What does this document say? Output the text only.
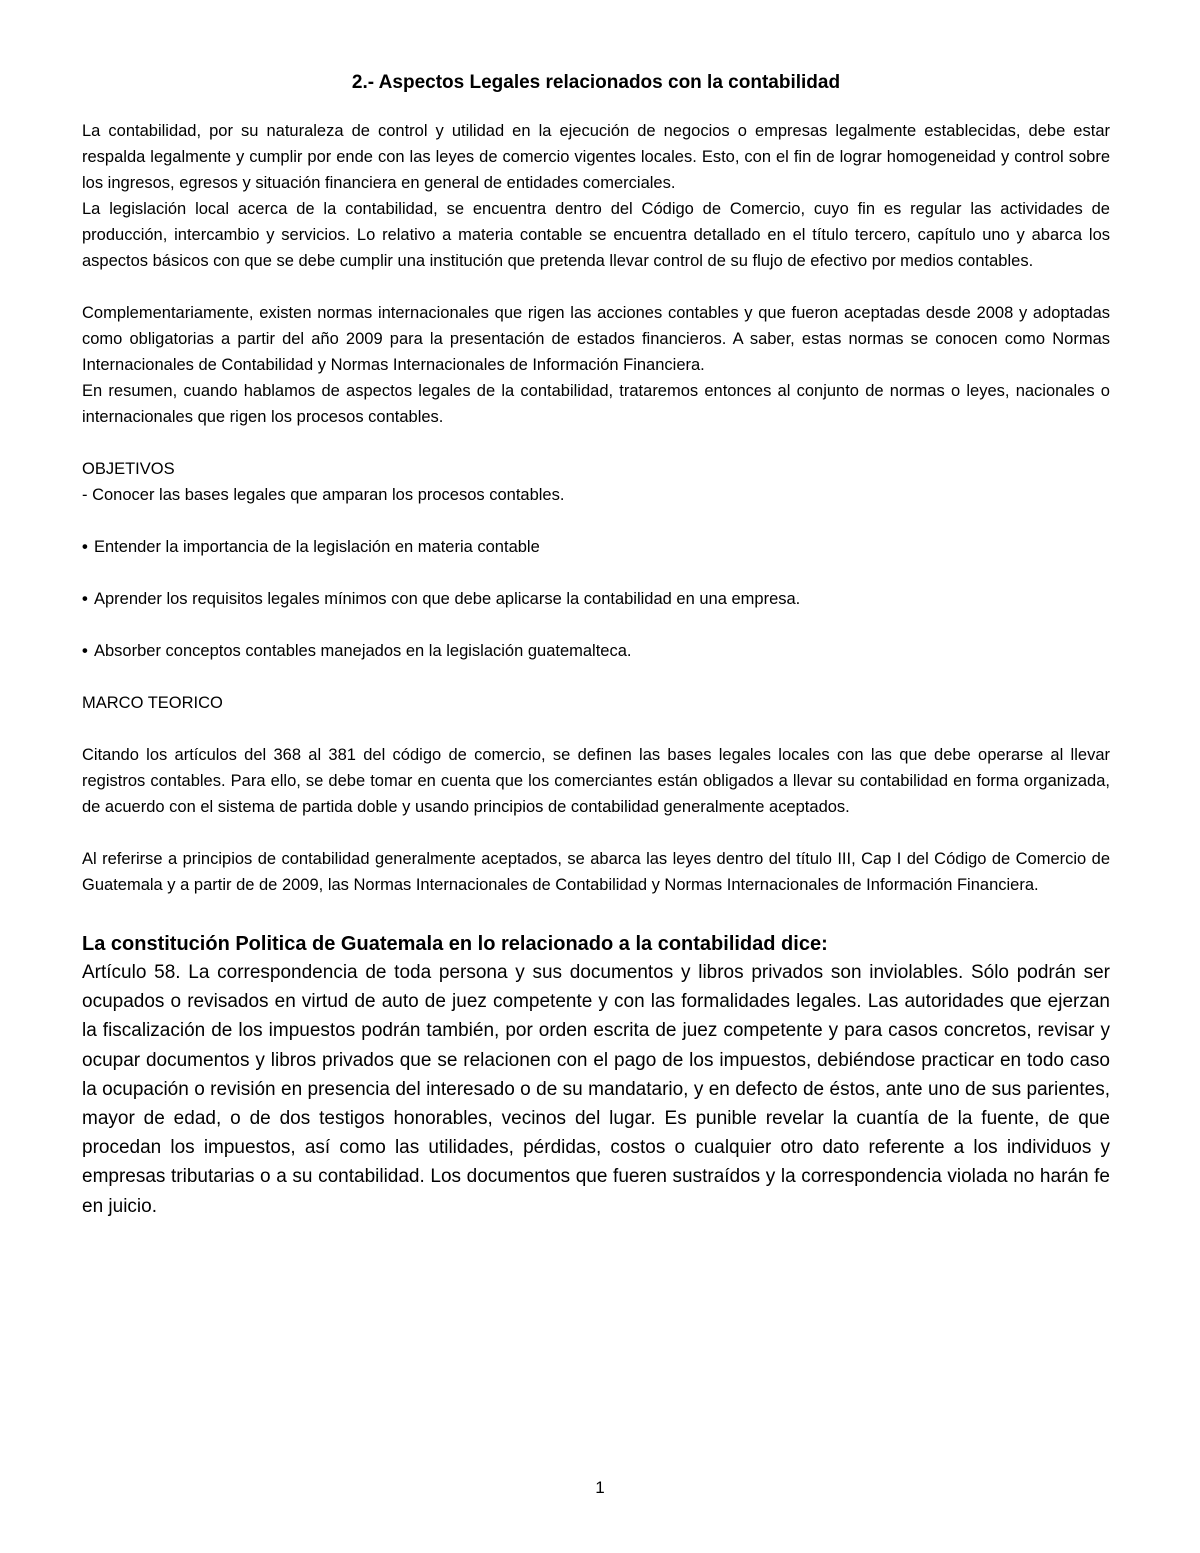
2.- Aspectos Legales relacionados con la contabilidad

La contabilidad, por su naturaleza de control y utilidad en la ejecución de negocios o empresas legalmente establecidas, debe estar respalda legalmente y cumplir por ende con las leyes de comercio vigentes locales. Esto, con el fin de lograr homogeneidad y control sobre los ingresos, egresos y situación financiera en general de entidades comerciales.

La legislación local acerca de la contabilidad, se encuentra dentro del Código de Comercio, cuyo fin es regular las actividades de producción, intercambio y servicios. Lo relativo a materia contable se encuentra detallado en el título tercero, capítulo uno y abarca los aspectos básicos con que se debe cumplir una institución que pretenda llevar control de su flujo de efectivo por medios contables.

Complementariamente, existen normas internacionales que rigen las acciones contables y que fueron aceptadas desde 2008 y adoptadas como obligatorias a partir del año 2009 para la presentación de estados financieros. A saber, estas normas se conocen como Normas Internacionales de Contabilidad y Normas Internacionales de Información Financiera.

En resumen, cuando hablamos de aspectos legales de la contabilidad, trataremos entonces al conjunto de normas o leyes, nacionales o internacionales que rigen los procesos contables.

OBJETIVOS

- Conocer las bases legales que amparan los procesos contables.

• Entender la importancia de la legislación en materia contable

• Aprender los requisitos legales mínimos con que debe aplicarse la contabilidad en una empresa.

• Absorber conceptos contables manejados en la legislación guatemalteca.

MARCO TEORICO

Citando los artículos del 368 al 381 del código de comercio, se definen las bases legales locales con las que debe operarse al llevar registros contables. Para ello, se debe tomar en cuenta que los comerciantes están obligados a llevar su contabilidad en forma organizada, de acuerdo con el sistema de partida doble y usando principios de contabilidad generalmente aceptados.

Al referirse a principios de contabilidad generalmente aceptados, se abarca las leyes dentro del título III, Cap I del Código de Comercio de Guatemala y a partir de de 2009, las Normas Internacionales de Contabilidad y Normas Internacionales de Información Financiera.

La constitución Politica de Guatemala en lo relacionado a la contabilidad dice:

Artículo 58. La correspondencia de toda persona y sus documentos y libros privados son inviolables. Sólo podrán ser ocupados o revisados en virtud de auto de juez competente y con las formalidades legales. Las autoridades que ejerzan la fiscalización de los impuestos podrán también, por orden escrita de juez competente y para casos concretos, revisar y ocupar documentos y libros privados que se relacionen con el pago de los impuestos, debiéndose practicar en todo caso la ocupación o revisión en presencia del interesado o de su mandatario, y en defecto de éstos, ante uno de sus parientes, mayor de edad, o de dos testigos honorables, vecinos del lugar. Es punible revelar la cuantía de la fuente, de que procedan los impuestos, así como las utilidades, pérdidas, costos o cualquier otro dato referente a los individuos y empresas tributarias o a su contabilidad. Los documentos que fueren sustraídos y la correspondencia violada no harán fe en juicio.

1
